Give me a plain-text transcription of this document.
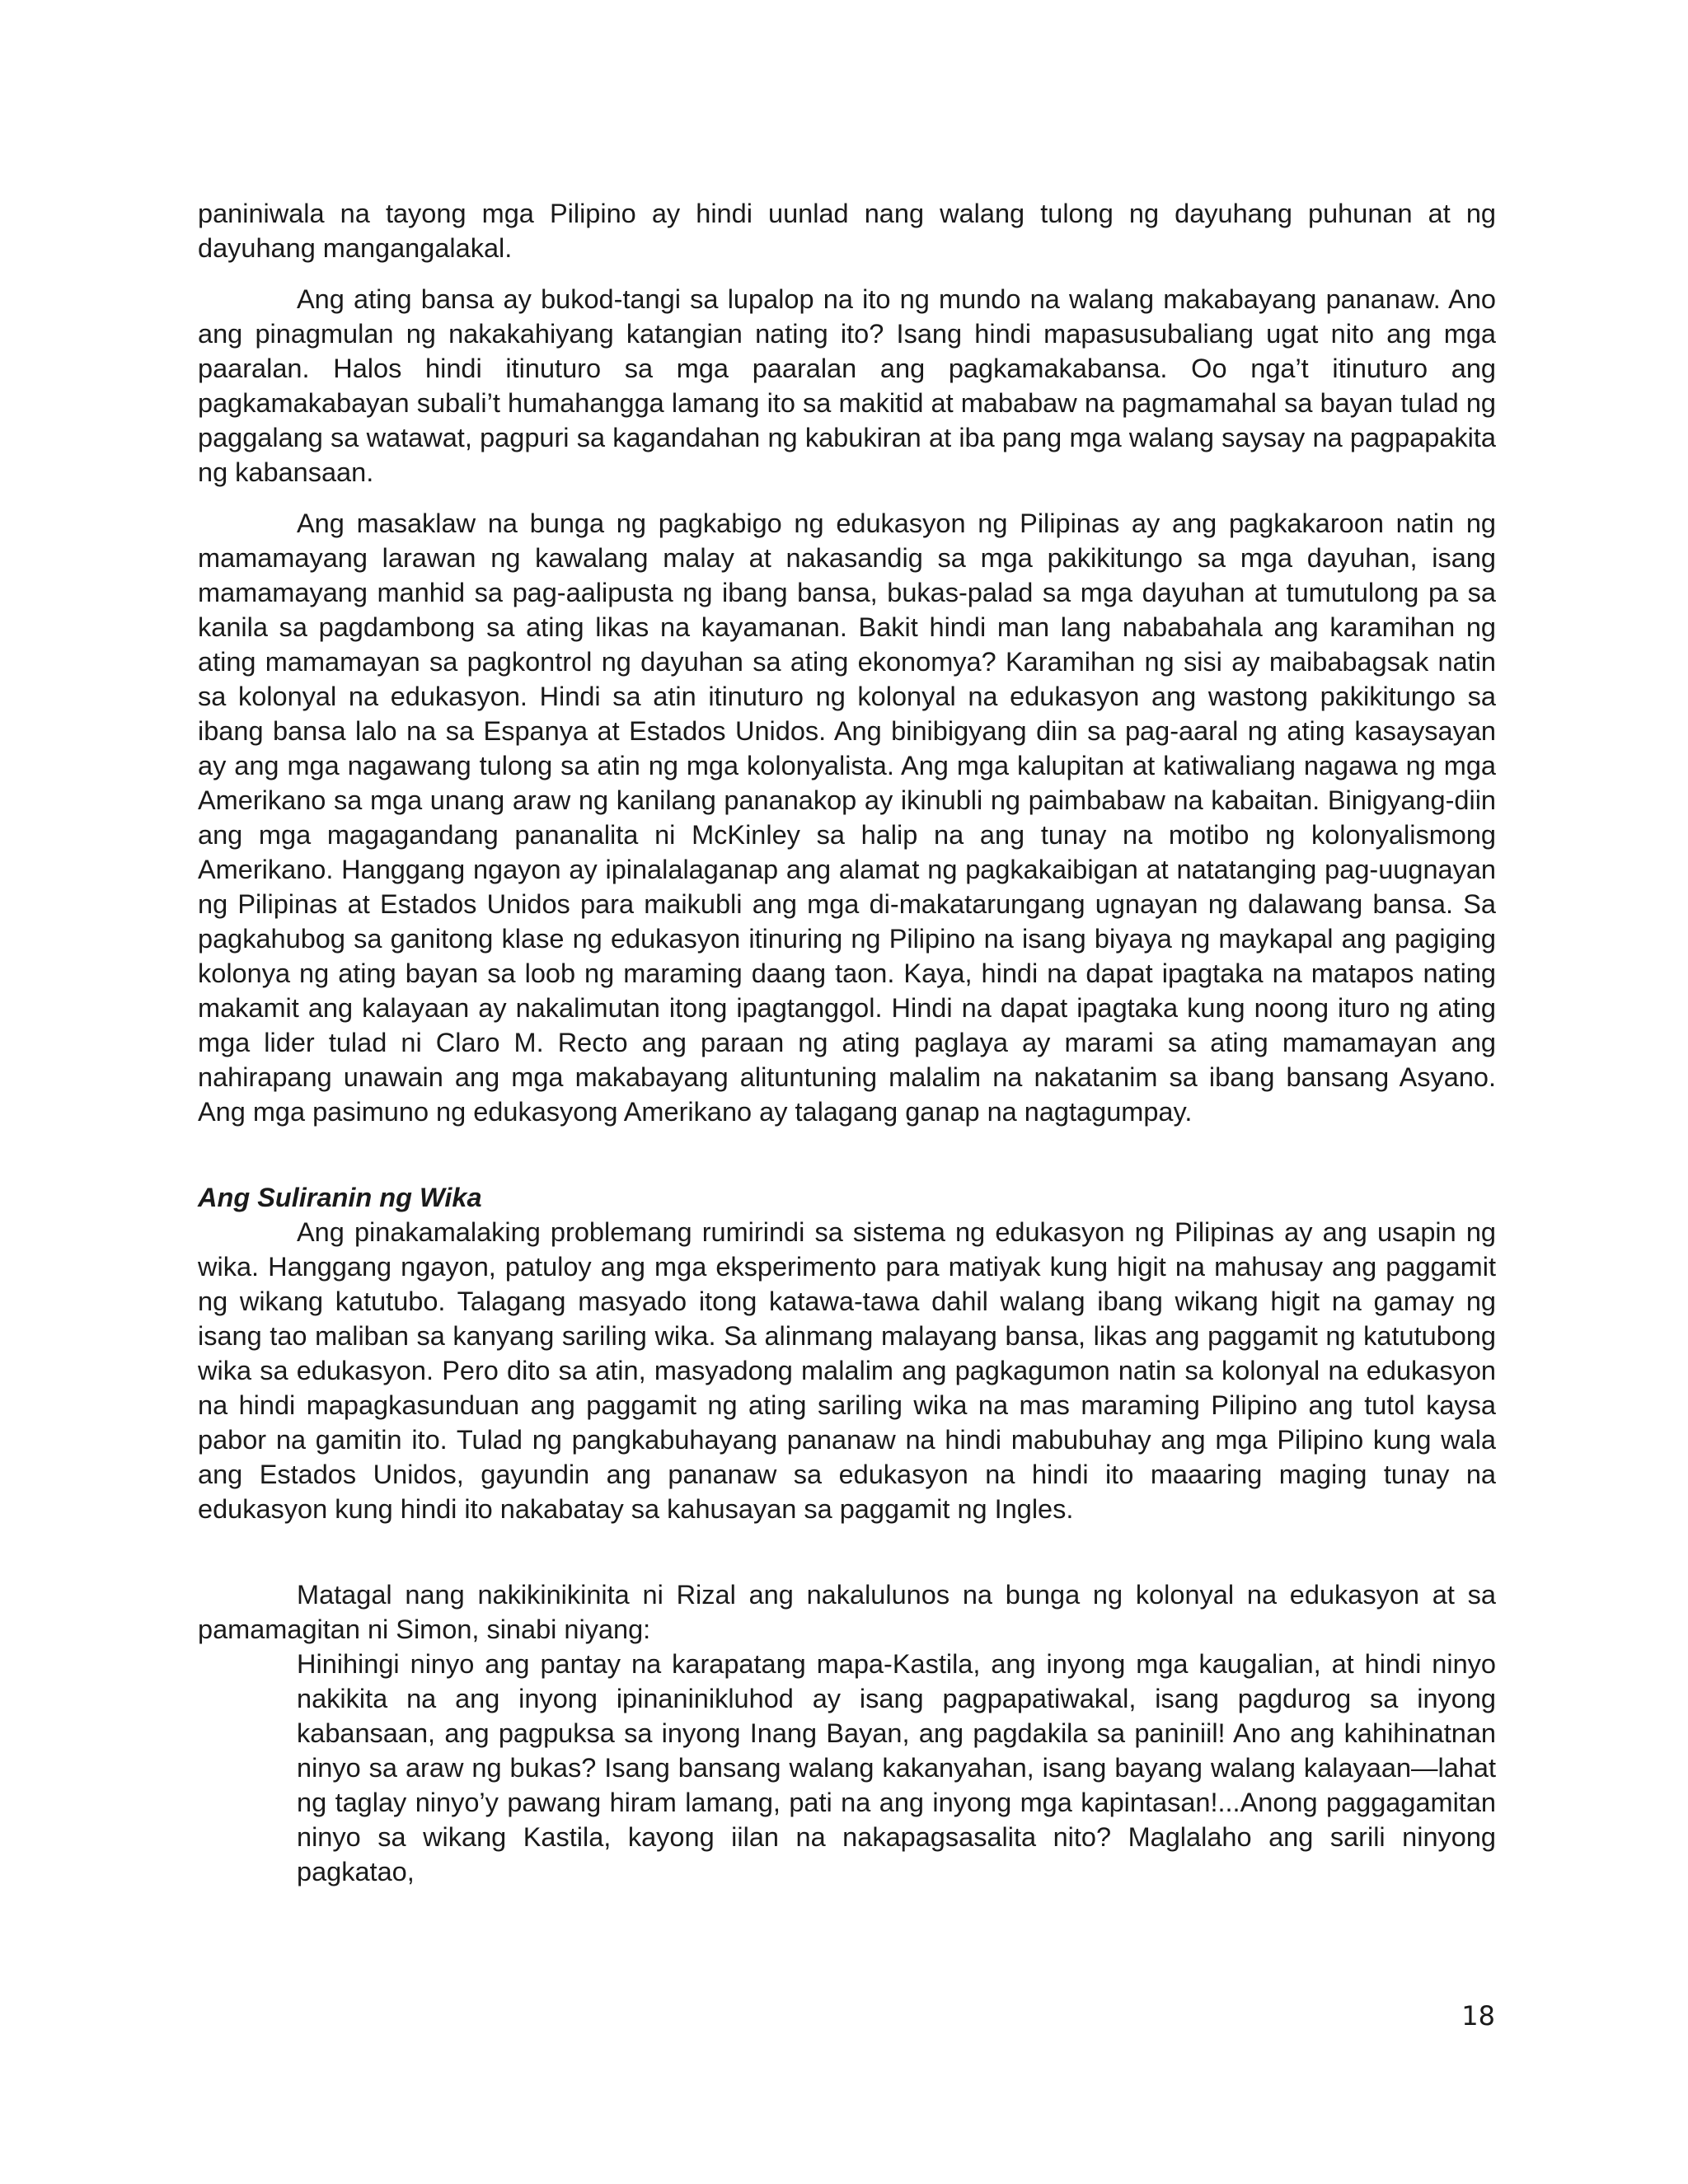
paniniwala na tayong mga Pilipino ay hindi uunlad nang walang tulong ng dayuhang puhunan at ng dayuhang mangangalakal.

Ang ating bansa ay bukod-tangi sa lupalop na ito ng mundo na walang makabayang pananaw. Ano ang pinagmulan ng nakakahiyang katangian nating ito? Isang hindi mapasusubaliang ugat nito ang mga paaralan. Halos hindi itinuturo sa mga paaralan ang pagkamakabansa. Oo nga’t itinuturo ang pagkamakabayan subali’t humahangga lamang ito sa makitid at mababaw na pagmamahal sa bayan tulad ng paggalang sa watawat, pagpuri sa kagandahan ng kabukiran at iba pang mga walang saysay na pagpapakita ng kabansaan.

Ang masaklaw na bunga ng pagkabigo ng edukasyon ng Pilipinas ay ang pagkakaroon natin ng mamamayang larawan ng kawalang malay at nakasandig sa mga pakikitungo sa mga dayuhan, isang mamamayang manhid sa pag-aalipusta ng ibang bansa, bukas-palad sa mga dayuhan at tumutulong pa sa kanila sa pagdambong sa ating likas na kayamanan. Bakit hindi man lang nababahala ang karamihan ng ating mamamayan sa pagkontrol ng dayuhan sa ating ekonomya? Karamihan ng sisi ay maibabagsak natin sa kolonyal na edukasyon. Hindi sa atin itinuturo ng kolonyal na edukasyon ang wastong pakikitungo sa ibang bansa lalo na sa Espanya at Estados Unidos. Ang binibigyang diin sa pag-aaral ng ating kasaysayan ay ang mga nagawang tulong sa atin ng mga kolonyalista. Ang mga kalupitan at katiwaliang nagawa ng mga Amerikano sa mga unang araw ng kanilang pananakop ay ikinubli ng paimbabaw na kabaitan. Binigyang-diin ang mga magagandang pananalita ni McKinley sa halip na ang tunay na motibo ng kolonyalismong Amerikano. Hanggang ngayon ay ipinalalaganap ang alamat ng pagkakaibigan at natatanging pag-uugnayan ng Pilipinas at Estados Unidos para maikubli ang mga di-makatarungang ugnayan ng dalawang bansa. Sa pagkahubog sa ganitong klase ng edukasyon itinuring ng Pilipino na isang biyaya ng maykapal ang pagiging kolonya ng ating bayan sa loob ng maraming daang taon. Kaya, hindi na dapat ipagtaka na matapos nating makamit ang kalayaan ay nakalimutan itong ipagtanggol. Hindi na dapat ipagtaka kung noong ituro ng ating mga lider tulad ni Claro M. Recto ang paraan ng ating paglaya ay marami sa ating mamamayan ang nahirapang unawain ang mga makabayang alituntuning malalim na nakatanim sa ibang bansang Asyano. Ang mga pasimuno ng edukasyong Amerikano ay talagang ganap na nagtagumpay.

Ang Suliranin ng Wika

Ang pinakamalaking problemang rumirindi sa sistema ng edukasyon ng Pilipinas ay ang usapin ng wika. Hanggang ngayon, patuloy ang mga eksperimento para matiyak kung higit na mahusay ang paggamit ng wikang katutubo. Talagang masyado itong katawa-tawa dahil walang ibang wikang higit na gamay ng isang tao maliban sa kanyang sariling wika. Sa alinmang malayang bansa, likas ang paggamit ng katutubong wika sa edukasyon. Pero dito sa atin, masyadong malalim ang pagkagumon natin sa kolonyal na edukasyon na hindi mapagkasunduan ang paggamit ng ating sariling wika na mas maraming Pilipino ang tutol kaysa pabor na gamitin ito. Tulad ng pangkabuhayang pananaw na hindi mabubuhay ang mga Pilipino kung wala ang Estados Unidos, gayundin ang pananaw sa edukasyon na hindi ito maaaring maging tunay na edukasyon kung hindi ito nakabatay sa kahusayan sa paggamit ng Ingles.

Matagal nang nakikinikinita ni Rizal ang nakalulunos na bunga ng kolonyal na edukasyon at sa pamamagitan ni Simon, sinabi niyang:

Hinihingi ninyo ang pantay na karapatang mapa-Kastila, ang inyong mga kaugalian, at hindi ninyo nakikita na ang inyong ipinaninikluhod ay isang pagpapatiwakal, isang pagdurog sa inyong kabansaan, ang pagpuksa sa inyong Inang Bayan, ang pagdakila sa paniniil! Ano ang kahihinatnan ninyo sa araw ng bukas? Isang bansang walang kakanyahan, isang bayang walang kalayaan—lahat ng taglay ninyo’y pawang hiram lamang, pati na ang inyong mga kapintasan!...Anong paggagamitan ninyo sa wikang Kastila, kayong iilan na nakapagsasalita nito? Maglalaho ang sarili ninyong pagkatao,

18
